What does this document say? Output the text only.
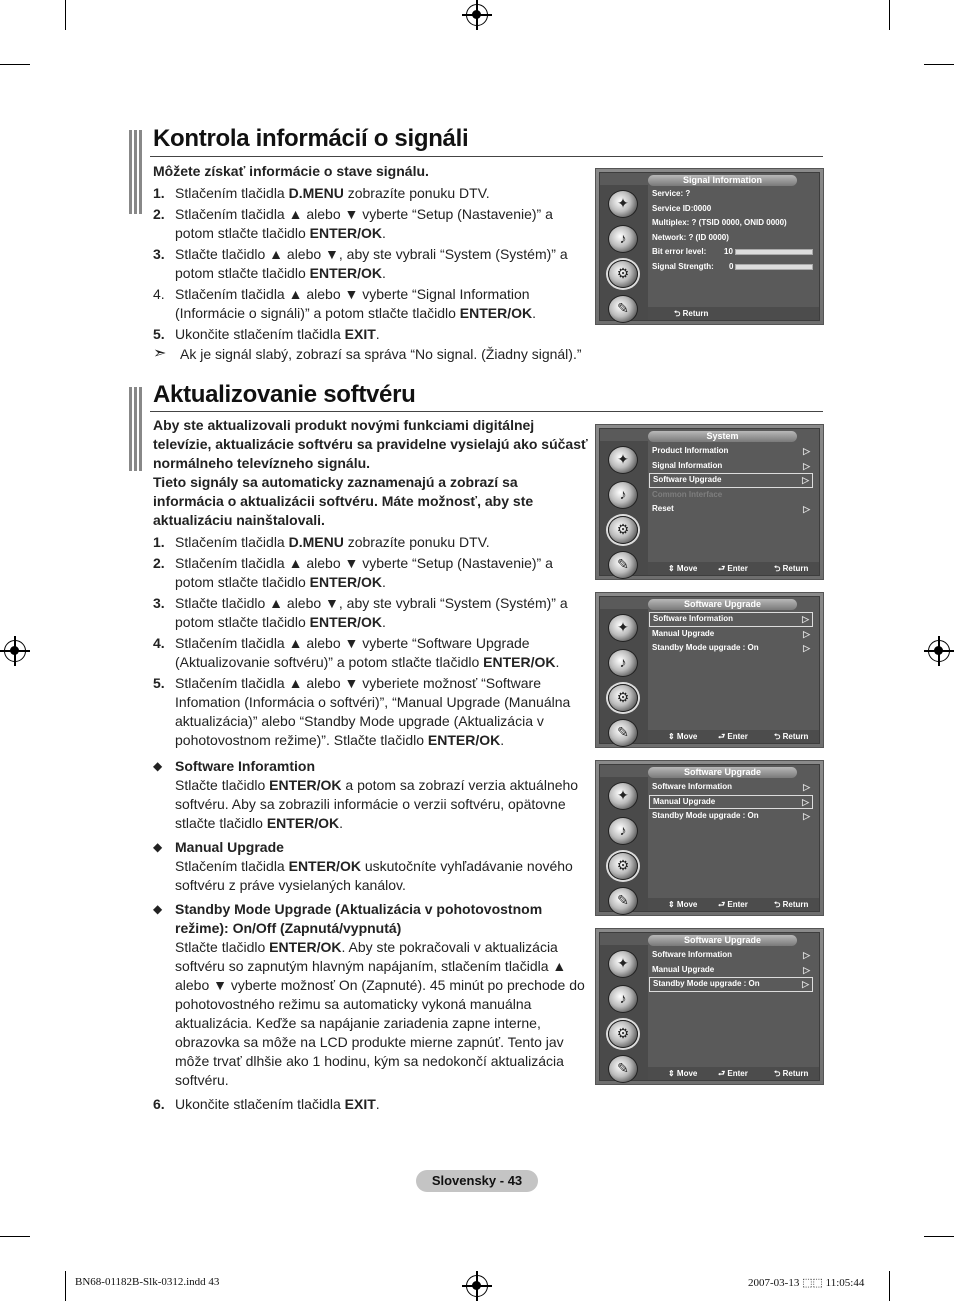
Kontrola informácií o signáli
Môžete získať informácie o stave signálu.
1. Stlačením tlačidla D.MENU zobrazíte ponuku DTV.
2. Stlačením tlačidla ▲ alebo ▼ vyberte “Setup (Nastavenie)” a potom stlačte tlačidlo ENTER/OK.
3. Stlačte tlačidlo ▲ alebo ▼, aby ste vybrali “System (Systém)” a potom stlačte tlačidlo ENTER/OK.
4. Stlačením tlačidla ▲ alebo ▼ vyberte “Signal Information (Informácie o signáli)” a potom stlačte tlačidlo ENTER/OK.
5. Ukončite stlačením tlačidla EXIT.
➣ Ak je signál slabý, zobrazí sa správa “No signal. (Žiadny signál).”
Signal Information
✦
♪
⚙
✎
Service: ?
Service ID:0000
Multiplex: ? (TSID 0000, ONID 0000)
Network: ? (ID 0000)
Bit error level: 10
Signal Strength: 0
⮌ Return
Aktualizovanie softvéru
Aby ste aktualizovali produkt novými funkciami digitálnej televízie, aktualizácie softvéru sa pravidelne vysielajú ako súčasť normálneho televízneho signálu.
Tieto signály sa automaticky zaznamenajú a zobrazí sa informácia o aktualizácii softvéru. Máte možnosť, aby ste aktualizáciu nainštalovali.
1. Stlačením tlačidla D.MENU zobrazíte ponuku DTV.
2. Stlačením tlačidla ▲ alebo ▼ vyberte “Setup (Nastavenie)” a potom stlačte tlačidlo ENTER/OK.
3. Stlačte tlačidlo ▲ alebo ▼, aby ste vybrali “System (Systém)” a potom stlačte tlačidlo ENTER/OK.
4. Stlačením tlačidla ▲ alebo ▼ vyberte “Software Upgrade (Aktualizovanie softvéru)” a potom stlačte tlačidlo ENTER/OK.
5. Stlačením tlačidla ▲ alebo ▼ vyberiete možnosť “Software Infomation (Informácia o softvéri)”, “Manual Upgrade (Manuálna aktualizácia)” alebo “Standby Mode upgrade (Aktualizácia v pohotovostnom režime)”. Stlačte tlačidlo ENTER/OK.
◆ Software Inforamtion
Stlačte tlačidlo ENTER/OK a potom sa zobrazí verzia aktuálneho softvéru. Aby sa zobrazili informácie o verzii softvéru, opätovne stlačte tlačidlo ENTER/OK.
◆ Manual Upgrade
Stlačením tlačidla ENTER/OK uskutočníte vyhľadávanie nového softvéru z práve vysielaných kanálov.
◆ Standby Mode Upgrade (Aktualizácia v pohotovostnom režime): On/Off (Zapnutá/vypnutá)
Stlačte tlačidlo ENTER/OK. Aby ste pokračovali v aktualizácia softvéru so zapnutým hlavným napájaním, stlačením tlačidla ▲ alebo ▼ vyberte možnosť On (Zapnuté). 45 minút po prechode do pohotovostného režimu sa automaticky vykoná manuálna aktualizácia. Keďže sa napájanie zariadenia zapne interne, obrazovka sa môže na LCD produkte mierne zapnúť. Tento jav môže trvať dlhšie ako 1 hodinu, kým sa nedokončí aktualizácia softvéru.
6. Ukončite stlačením tlačidla EXIT.
System
✦
♪
⚙
✎
Product Information	▷
Signal Information	▷
Software Upgrade	▷
Common Interface
Reset	▷
⇕ Move	⮐ Enter	⮌ Return
Software Upgrade
✦
♪
⚙
✎
Software Information	▷
Manual Upgrade	▷
Standby Mode upgrade : On	▷
⇕ Move	⮐ Enter	⮌ Return
Software Upgrade
✦
♪
⚙
✎
Software Information	▷
Manual Upgrade	▷
Standby Mode upgrade : On	▷
⇕ Move	⮐ Enter	⮌ Return
Software Upgrade
✦
♪
⚙
✎
Software Information	▷
Manual Upgrade	▷
Standby Mode upgrade : On	▷
⇕ Move	⮐ Enter	⮌ Return
Slovensky - 43
BN68-01182B-Slk-0312.indd 43	2007-03-13 ⬚⬚ 11:05:44
